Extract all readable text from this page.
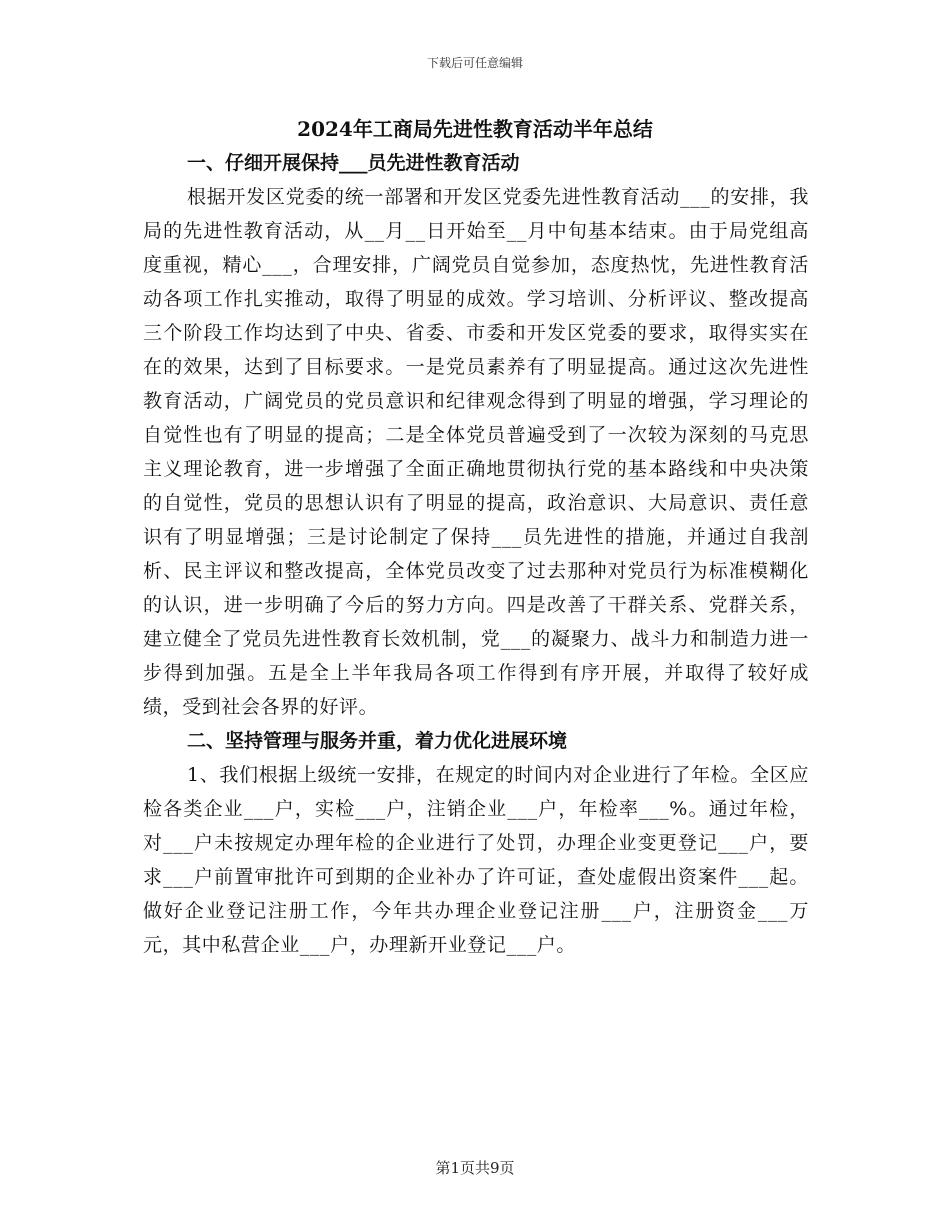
下载后可任意编辑
2024年工商局先进性教育活动半年总结

一、仔细开展保持___员先进性教育活动

根据开发区党委的统一部署和开发区党委先进性教育活动___的安排，我局的先进性教育活动，从__月__日开始至__月中旬基本结束。由于局党组高度重视，精心___，合理安排，广阔党员自觉参加，态度热忱，先进性教育活动各项工作扎实推动，取得了明显的成效。学习培训、分析评议、整改提高三个阶段工作均达到了中央、省委、市委和开发区党委的要求，取得实实在在的效果，达到了目标要求。一是党员素养有了明显提高。通过这次先进性教育活动，广阔党员的党员意识和纪律观念得到了明显的增强，学习理论的自觉性也有了明显的提高；二是全体党员普遍受到了一次较为深刻的马克思主义理论教育，进一步增强了全面正确地贯彻执行党的基本路线和中央决策的自觉性，党员的思想认识有了明显的提高，政治意识、大局意识、责任意识有了明显增强；三是讨论制定了保持___员先进性的措施，并通过自我剖析、民主评议和整改提高，全体党员改变了过去那种对党员行为标准模糊化的认识，进一步明确了今后的努力方向。四是改善了干群关系、党群关系，建立健全了党员先进性教育长效机制，党___的凝聚力、战斗力和制造力进一步得到加强。五是全上半年我局各项工作得到有序开展，并取得了较好成绩，受到社会各界的好评。

二、坚持管理与服务并重，着力优化进展环境

1、我们根据上级统一安排，在规定的时间内对企业进行了年检。全区应检各类企业___户，实检___户，注销企业___户，年检率___%。通过年检，对___户未按规定办理年检的企业进行了处罚，办理企业变更登记___户，要求___户前置审批许可到期的企业补办了许可证，查处虚假出资案件___起。做好企业登记注册工作，今年共办理企业登记注册___户，注册资金___万元，其中私营企业___户，办理新开业登记___户。

第1页共9页
